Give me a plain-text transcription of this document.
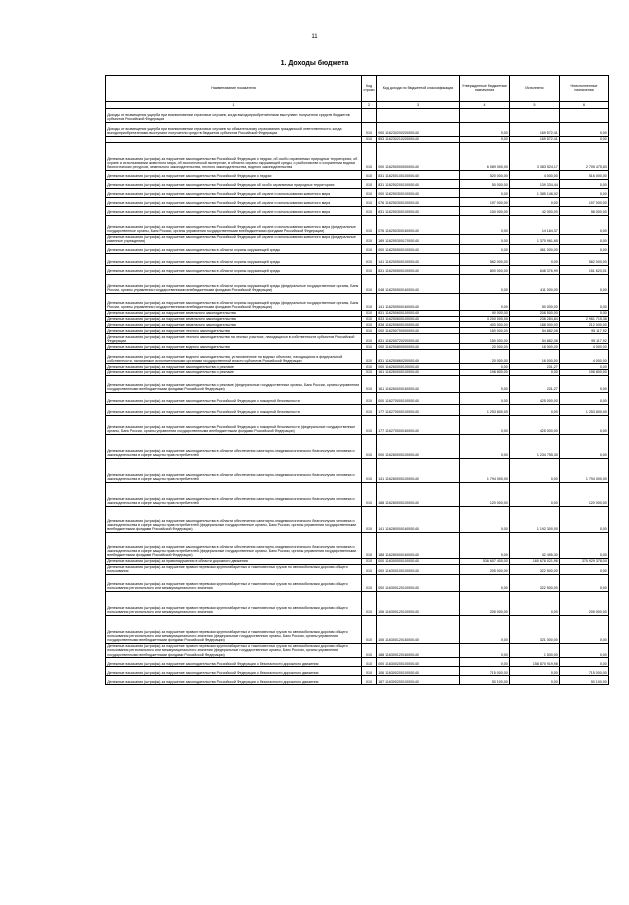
11
1. Доходы бюджета
Наименование показателя	Код строки	Код дохода по бюджетной классификации	Утвержденные бюджетные назначения	Исполнено	Неисполненные назначения
1	2	3	4	5	6
Доходы от возмещения ущерба при возникновении страховых случаев, когда выгодоприобретателями выступают получатели средств бюджетов субъектов Российской Федерации					
Доходы от возмещения ущерба при возникновении страховых случаев по обязательному страхованию гражданской ответственности, когда выгодоприобретателями выступают получатели средств бюджетов субъектов Российской Федерации	010	000 11623020020000140	0,00	169 572,41	0,00
	010	853 11623021020000140	0,00	169 572,41	0,00
Денежные взыскания (штрафы) за нарушение законодательства Российской Федерации о недрах, об особо охраняемых природных территориях, об охране и использовании животного мира, об экологической экспертизе, в области охраны окружающей среды, о рыболовстве и сохранении водных биологических ресурсов, земельного законодательства, лесного законодательства, водного законодательства	010	000 11625000000000140	6 089 000,00	3 383 524,17	2 705 475,83
Денежные взыскания (штрафы) за нарушение законодательства Российской Федерации о недрах	010	831 11625010010000140	520 000,00	4 000,00	516 000,00
Денежные взыскания (штрафы) за нарушение законодательства Российской Федерации об особо охраняемых природных территориях	010	831 11625020010000140	50 000,00	139 334,44	0,00
Денежные взыскания (штрафы) за нарушение законодательства Российской Федерации об охране и использовании животного мира	010	000 11625030010000140	0,00	1 385 146,02	0,00
Денежные взыскания (штрафы) за нарушение законодательства Российской Федерации об охране и использовании животного мира	010	076 11625030010000140	197 000,00	0,00	197 000,00
Денежные взыскания (штрафы) за нарушение законодательства Российской Федерации об охране и использовании животного мира	010	831 11625030010000140	100 000,00	42 000,00	58 000,00
Денежные взыскания (штрафы) за нарушение законодательства Российской Федерации об охране и использовании животного мира (федеральные государственные органы, Банк России, органы управления государственными внебюджетными фондами Российской Федерации)	010	076 11625030016000140	0,00	14 184,37	0,00
Денежные взыскания (штрафы) за нарушение законодательства Российской Федерации об охране и использовании животного мира (федеральные казенные учреждения)	010	189 11625030017000140	0,00	1 370 961,65	0,00
Денежные взыскания (штрафы) за нарушение законодательства в области охраны окружающей среды	010	000 11625050010000140	0,00	461 000,00	0,00
Денежные взыскания (штрафы) за нарушение законодательства в области охраны окружающей среды	010	141 11625050010000140	582 000,00	0,00	582 000,00
Денежные взыскания (штрафы) за нарушение законодательства в области охраны окружающей среды	010	831 11625050010000140	800 000,00	648 376,99	151 623,01
Денежные взыскания (штрафы) за нарушение законодательства в области охраны окружающей среды (федеральные государственные органы, Банк России, органы управления государственными внебюджетными фондами Российской Федерации)	010	048 11625050016000140	0,00	411 000,00	0,00
Денежные взыскания (штрафы) за нарушение законодательства в области охраны окружающей среды (федеральные государственные органы, Банк России, органы управления государственными внебюджетными фондами Российской Федерации)	010	141 11625050016000140	0,00	50 000,00	0,00
Денежные взыскания (штрафы) за нарушение земельного законодательства	010	831 11625060010000140	90 000,00	208 500,00	0,00
Денежные взыскания (штрафы) за нарушение земельного законодательства	010	833 11625060010000140	3 200 000,00	238 284,84	2 961 715,36
Денежные взыскания (штрафы) за нарушение земельного законодательства	010	838 11625060010000140	400 000,00	188 000,00	212 000,00
Денежные взыскания (штрафы) за нарушение лесного законодательства	010	000 11625070000000140	150 000,00	54 882,08	95 117,92
Денежные взыскания (штрафы) за нарушение лесного законодательства на лесных участках, находящихся в собственности субъектов Российской Федерации	010	831 11625072020000140	150 000,00	54 882,08	95 117,92
Денежные взыскания (штрафы) за нарушение водного законодательства	010	000 11625080000000140	20 000,00	16 000,00	4 000,00
Денежные взыскания (штрафы) за нарушение водного законодательства, установленное на водных объектах, находящихся в федеральной собственности, налагаемые исполнительными органами государственной власти субъектов Российской Федерации	010	831 11625086020000140	20 000,00	16 000,00	4 000,00
Денежные взыскания (штрафы) за нарушение законодательства о рекламе	010	000 11626000010000140	0,00	231,27	0,00
Денежные взыскания (штрафы) за нарушение законодательства о рекламе	010	161 11626000010000140	198 800,00	0,00	198 800,00
Денежные взыскания (штрафы) за нарушение законодательства о рекламе (федеральные государственные органы, Банк России, органы управления государственными внебюджетными фондами Российской Федерации)	010	161 11626000016000140	0,00	231,27	0,00
Денежные взыскания (штрафы) за нарушение законодательства Российской Федерации о пожарной безопасности	010	000 11627000010000140	0,00	425 000,00	0,00
Денежные взыскания (штрафы) за нарушение законодательства Российской Федерации о пожарной безопасности	010	177 11627000010000140	1 253 800,00	0,00	1 253 800,00
Денежные взыскания (штрафы) за нарушение законодательства Российской Федерации о пожарной безопасности (федеральные государственные органы, Банк России, органы управления государственными внебюджетными фондами Российской Федерации)	010	177 11627000016000140	0,00	425 000,00	0,00
Денежные взыскания (штрафы) за нарушение законодательства в области обеспечения санитарно-эпидемиологического благополучия человека и законодательства в сфере защиты прав потребителей	010	000 11628000010000140	0,00	1 234 755,30	0,00
Денежные взыскания (штрафы) за нарушение законодательства в области обеспечения санитарно-эпидемиологического благополучия человека и законодательства в сфере защиты прав потребителей	010	141 11628000010000140	1 794 000,00	0,00	1 794 000,00
Денежные взыскания (штрафы) за нарушение законодательства в области обеспечения санитарно-эпидемиологического благополучия человека и законодательства в сфере защиты прав потребителей	010	188 11628000010000140	120 000,00	0,00	120 000,00
Денежные взыскания (штрафы) за нарушение законодательства в области обеспечения санитарно-эпидемиологического благополучия человека и законодательства в сфере защиты прав потребителей (федеральные государственные органы, Банк России, органы управления государственными внебюджетными фондами Российской Федерации)	010	141 11628000016000140	0,00	1 192 300,00	0,00
Денежные взыскания (штрафы) за нарушение законодательства в области обеспечения санитарно-эпидемиологического благополучия человека и законодательства в сфере защиты прав потребителей (федеральные государственные органы, Банк России, органы управления государственными внебюджетными фондами Российской Федерации)	010	188 11628000016000140	0,00	42 455,30	0,00
Денежные взыскания (штрафы) за правонарушения в области дорожного движения	010	000 11630000010000140	536 607 400,00	160 678 021,96	375 929 378,04
Денежные взыскания (штрафы) за нарушение правил перевозки крупногабаритных и тяжеловесных грузов по автомобильным дорогам общего пользования	010	000 11630010010000140	205 000,00	322 500,00	0,00
Денежные взыскания (штрафы) за нарушение правил перевозки крупногабаритных и тяжеловесных грузов по автомобильным дорогам общего пользования регионального или межмуниципального значения	010	000 11630012010000140	0,00	322 500,00	0,00
Денежные взыскания (штрафы) за нарушение правил перевозки крупногабаритных и тяжеловесных грузов по автомобильным дорогам общего пользования регионального или межмуниципального значения	010	106 11630012010000140	205 000,00	0,00	205 000,00
Денежные взыскания (штрафы) за нарушение правил перевозки крупногабаритных и тяжеловесных грузов по автомобильным дорогам общего пользования регионального или межмуниципального значения (федеральные государственные органы, Банк России, органы управления государственными внебюджетными фондами Российской Федерации)	010	106 11630012016000140	0,00	321 000,00	0,00
Денежные взыскания (штрафы) за нарушение правил перевозки крупногабаритных и тяжеловесных грузов по автомобильным дорогам общего пользования регионального или межмуниципального значения (федеральные государственные органы, Банк России, органы управления государственными внебюджетными фондами Российской Федерации)	010	188 11630012016000140	0,00	1 500,00	0,00
Денежные взыскания (штрафы) за нарушение законодательства Российской Федерации о безопасности дорожного движения	010	000 11630020010000140	0,00	158 870 919,98	0,00
Денежные взыскания (штрафы) за нарушение законодательства Российской Федерации о безопасности дорожного движения	010	106 11630020010000140	715 000,00	0,00	715 000,00
Денежные взыскания (штрафы) за нарушение законодательства Российской Федерации о безопасности дорожного движения	010	187 11630020010000140	50 100,00	0,00	50 100,00
